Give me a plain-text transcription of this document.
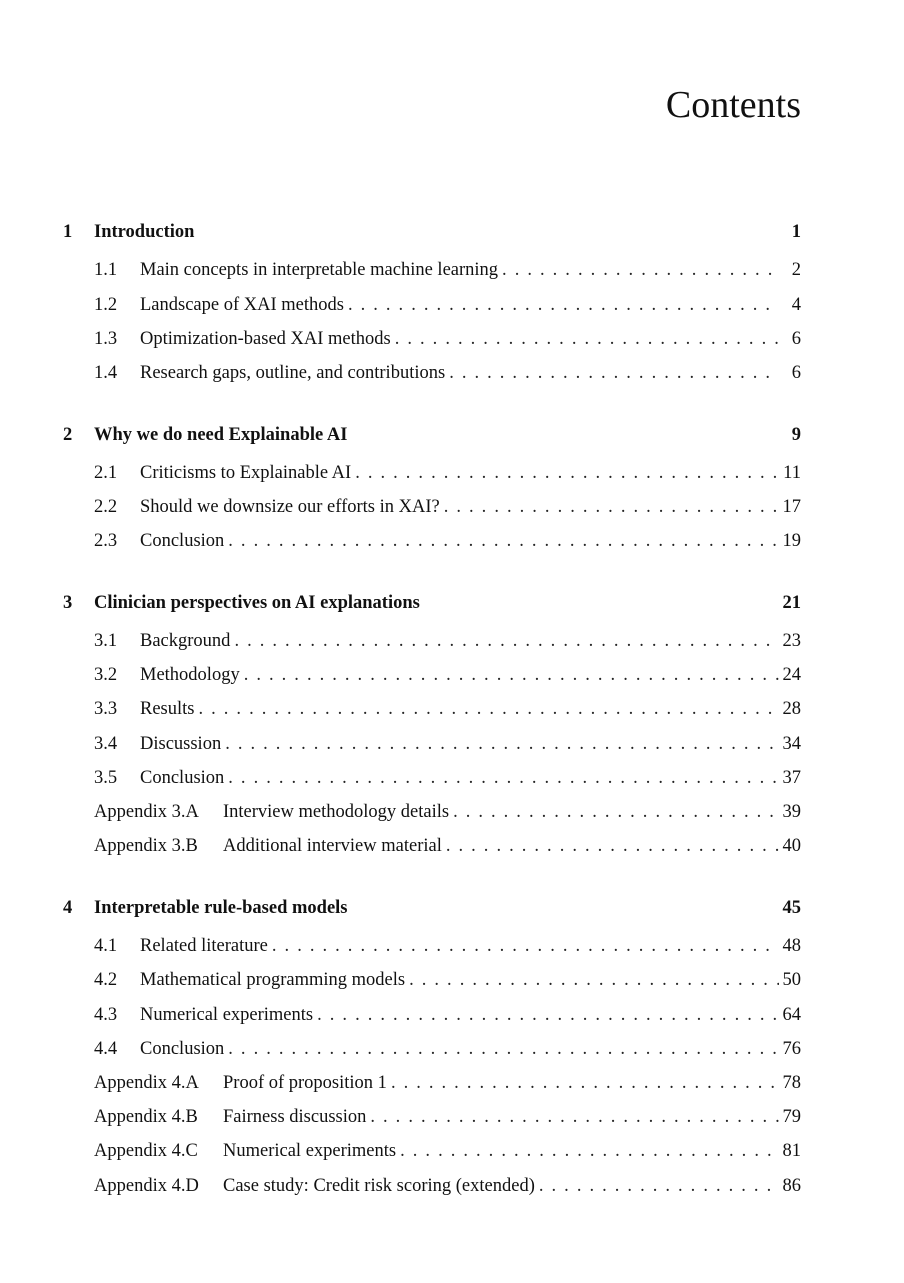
Contents
1	Introduction	1
1.1	Main concepts in interpretable machine learning . . .	2
1.2	Landscape of XAI methods . . .	4
1.3	Optimization-based XAI methods . . .	6
1.4	Research gaps, outline, and contributions . . .	6
2	Why we do need Explainable AI	9
2.1	Criticisms to Explainable AI . . .	11
2.2	Should we downsize our efforts in XAI? . . .	17
2.3	Conclusion . . .	19
3	Clinician perspectives on AI explanations	21
3.1	Background . . .	23
3.2	Methodology . . .	24
3.3	Results . . .	28
3.4	Discussion . . .	34
3.5	Conclusion . . .	37
Appendix 3.A	Interview methodology details . . .	39
Appendix 3.B	Additional interview material . . .	40
4	Interpretable rule-based models	45
4.1	Related literature . . .	48
4.2	Mathematical programming models . . .	50
4.3	Numerical experiments . . .	64
4.4	Conclusion . . .	76
Appendix 4.A	Proof of proposition 1 . . .	78
Appendix 4.B	Fairness discussion . . .	79
Appendix 4.C	Numerical experiments . . .	81
Appendix 4.D	Case study: Credit risk scoring (extended) . . .	86
